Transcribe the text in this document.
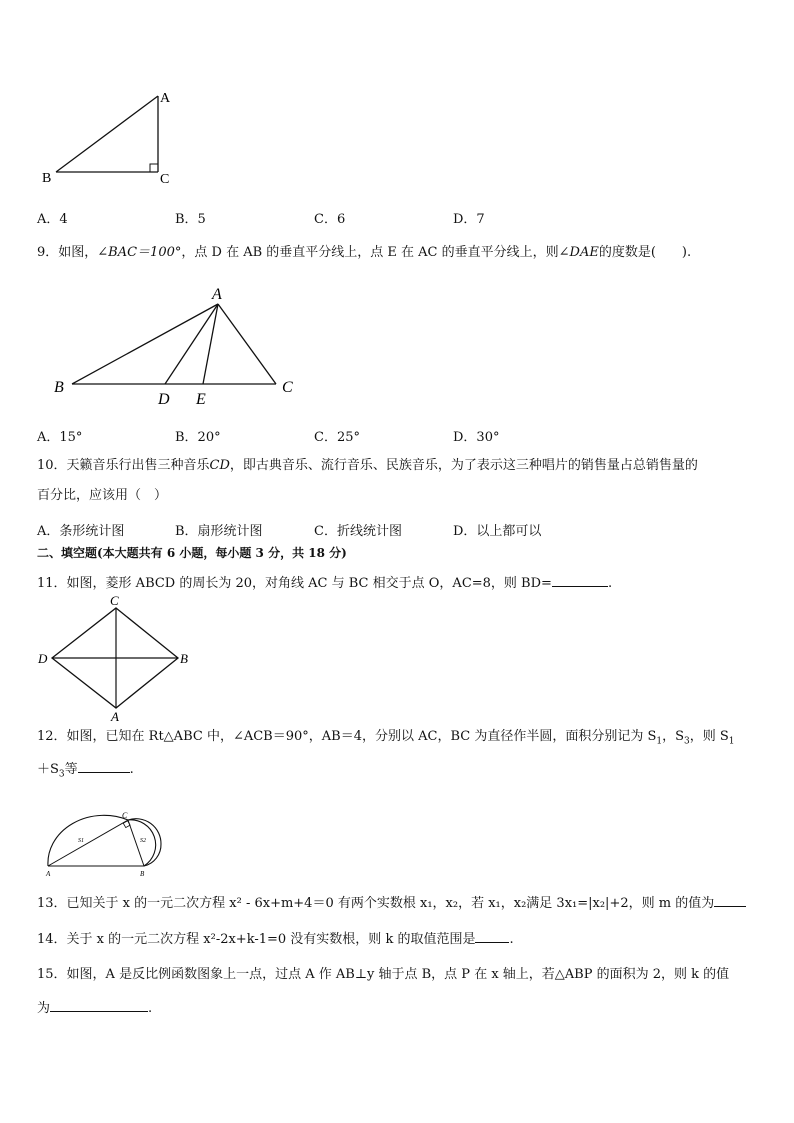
A
B	C
A．4	B．5	C．6	D．7
9．如图，∠BAC＝100°，点 D 在 AB 的垂直平分线上，点 E 在 AC 的垂直平分线上，则∠DAE的度数是(　　).
A
B	C
D E
A．15°	B．20°	C．25°	D．30°
10．天籁音乐行出售三种音乐CD，即古典音乐、流行音乐、民族音乐，为了表示这三种唱片的销售量占总销售量的
百分比，应该用（　）
A．条形统计图	B．扇形统计图	C．折线统计图	D．以上都可以
二、填空题(本大题共有 6 小题，每小题 3 分，共 18 分)
11．如图，菱形 ABCD 的周长为 20，对角线 AC 与 BC 相交于点 O，AC=8，则 BD=	.
C
B
D
A
12．如图，已知在 Rt△ABC 中，∠ACB＝90°，AB＝4，分别以 AC，BC 为直径作半圆，面积分别记为 $S_1$，$S_3$，则 $S_1$
$+S_3$等	.
C
A	B
S1	S2
13．已知关于 x 的一元二次方程 x² - 6x+m+4＝0 有两个实数根 x₁，x₂，若 x₁，x₂满足 3x₁=|x₂|+2，则 m 的值为
14．关于 x 的一元二次方程 x²-2x+k-1=0 没有实数根，则 k 的取值范围是	.
15．如图，A 是反比例函数图象上一点，过点 A 作 AB⊥y 轴于点 B，点 P 在 x 轴上，若△ABP 的面积为 2，则 k 的值
为	.
